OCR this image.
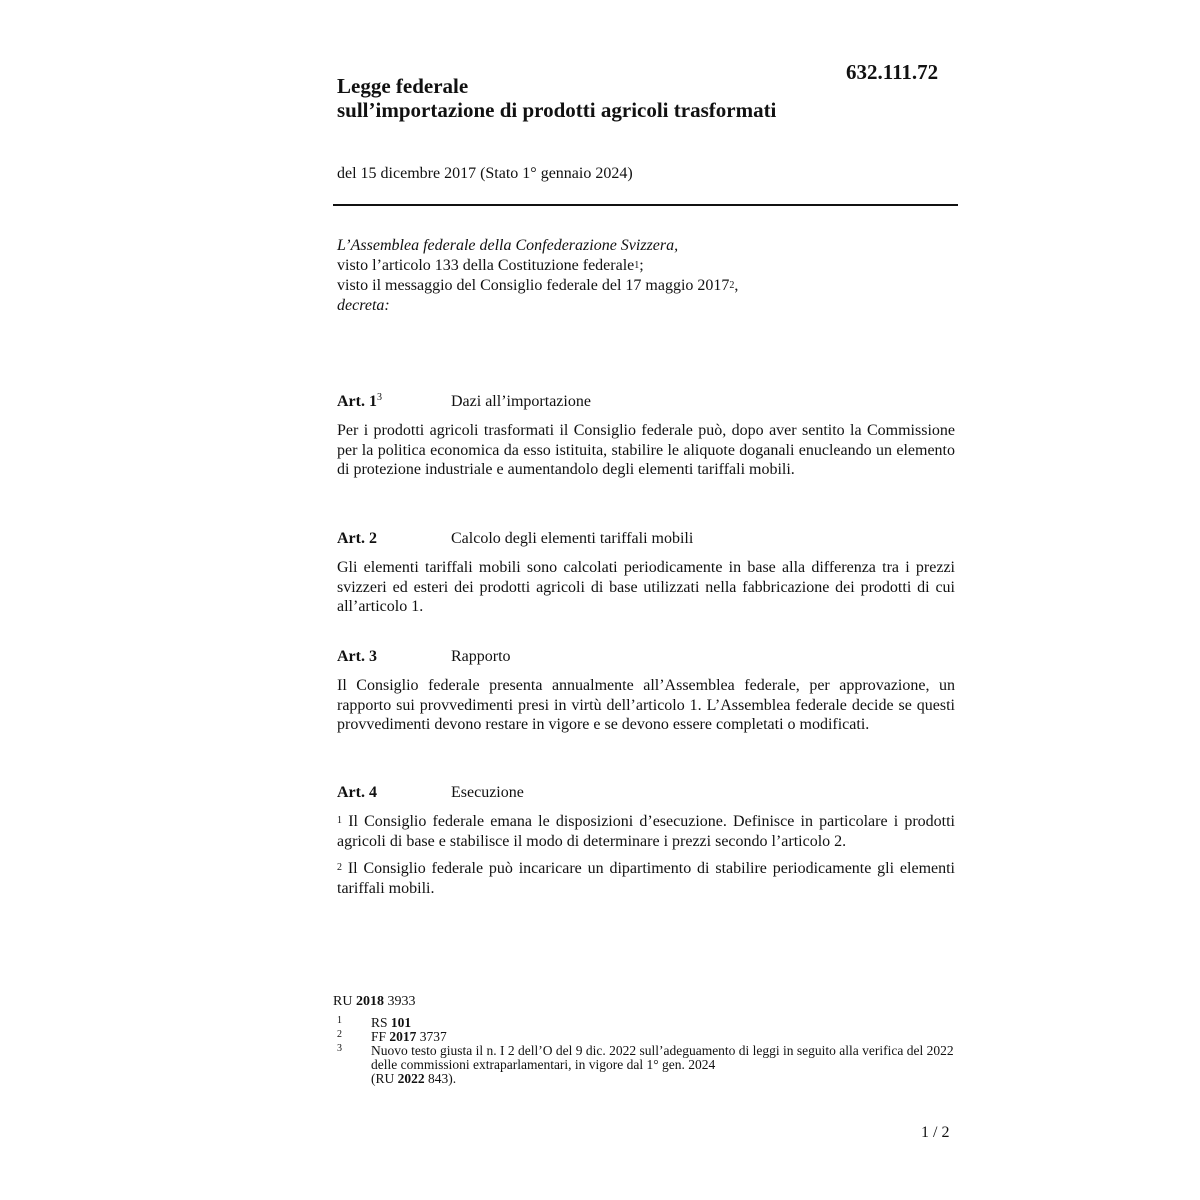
632.111.72
Legge federale
sull’importazione di prodotti agricoli trasformati
del 15 dicembre 2017 (Stato 1° gennaio 2024)
L’Assemblea federale della Confederazione Svizzera,
visto l’articolo 133 della Costituzione federale$^1$;
visto il messaggio del Consiglio federale del 17 maggio 2017$^2$,
decreta:
Art. $1^3$	Dazi all’importazione

Per i prodotti agricoli trasformati il Consiglio federale può, dopo aver sentito la Commissione per la politica economica da esso istituita, stabilire le aliquote doganali enucleando un elemento di protezione industriale e aumentandolo degli elementi tariffali mobili.

Art. 2	Calcolo degli elementi tariffali mobili

Gli elementi tariffali mobili sono calcolati periodicamente in base alla differenza tra i prezzi svizzeri ed esteri dei prodotti agricoli di base utilizzati nella fabbricazione dei prodotti di cui all’articolo 1.

Art. 3	Rapporto

Il Consiglio federale presenta annualmente all’Assemblea federale, per approvazione, un rapporto sui provvedimenti presi in virtù dell’articolo 1. L’Assemblea federale decide se questi provvedimenti devono restare in vigore e se devono essere completati o modificati.

Art. 4	Esecuzione

$^1$ Il Consiglio federale emana le disposizioni d’esecuzione. Definisce in particolare i prodotti agricoli di base e stabilisce il modo di determinare i prezzi secondo l’articolo 2.

$^2$ Il Consiglio federale può incaricare un dipartimento di stabilire periodicamente gli elementi tariffali mobili.

RU 2018 3933
1 RS 101
2 FF 2017 3737
3 Nuovo testo giusta il n. I 2 dell’O del 9 dic. 2022 sull’adeguamento di leggi in seguito alla verifica del 2022 delle commissioni extraparlamentari, in vigore dal 1° gen. 2024
(RU 2022 843).
1 / 2
